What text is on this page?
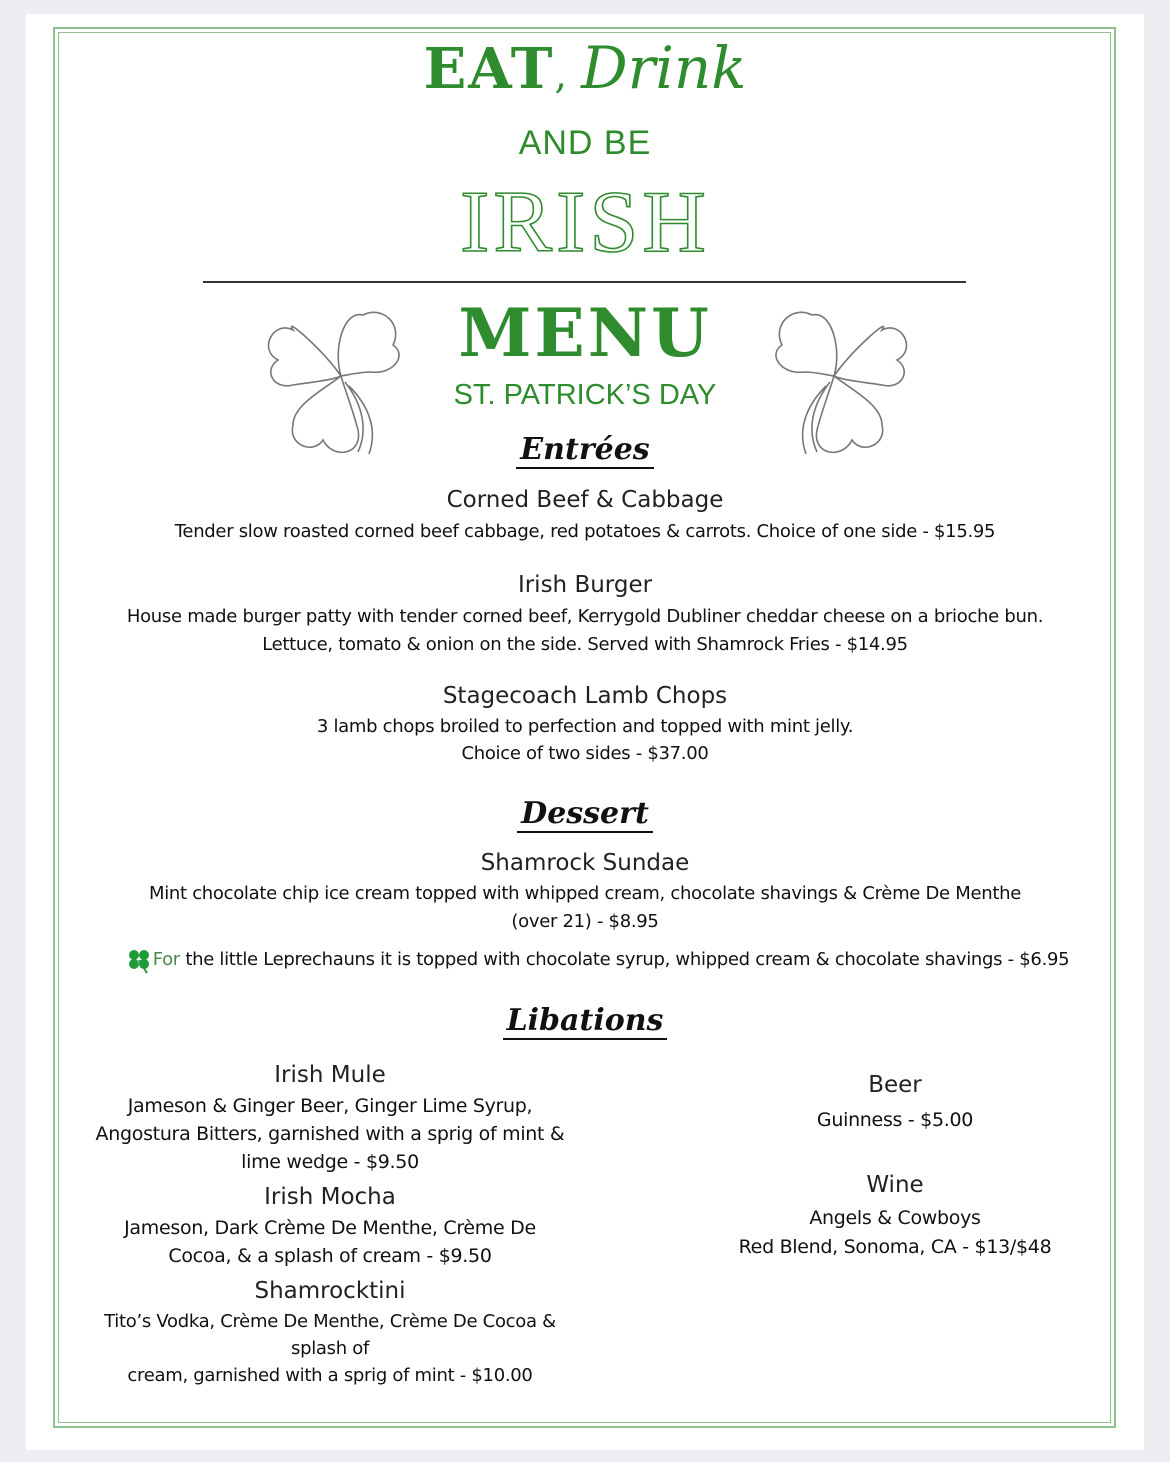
EAT, Drink
AND BE
IRISH
MENU
ST. PATRICK’S DAY
Entrées
Corned Beef & Cabbage
Tender slow roasted corned beef cabbage, red potatoes & carrots. Choice of one side - $15.95
Irish Burger
House made burger patty with tender corned beef, Kerrygold Dubliner cheddar cheese on a brioche bun.
Lettuce, tomato & onion on the side. Served with Shamrock Fries - $14.95
Stagecoach Lamb Chops
3 lamb chops broiled to perfection and topped with mint jelly.
Choice of two sides - $37.00
Dessert
Shamrock Sundae
Mint chocolate chip ice cream topped with whipped cream, chocolate shavings & Crème De Menthe
(over 21) - $8.95
For the little Leprechauns it is topped with chocolate syrup, whipped cream & chocolate shavings - $6.95
Libations
Irish Mule
Jameson & Ginger Beer, Ginger Lime Syrup,
Angostura Bitters, garnished with a sprig of mint &
lime wedge - $9.50
Irish Mocha
Jameson, Dark Crème De Menthe, Crème De
Cocoa, & a splash of cream - $9.50
Shamrocktini
Tito’s Vodka, Crème De Menthe, Crème De Cocoa & splash of
cream, garnished with a sprig of mint - $10.00
Beer
Guinness - $5.00
Wine
Angels & Cowboys
Red Blend, Sonoma, CA - $13/$48
